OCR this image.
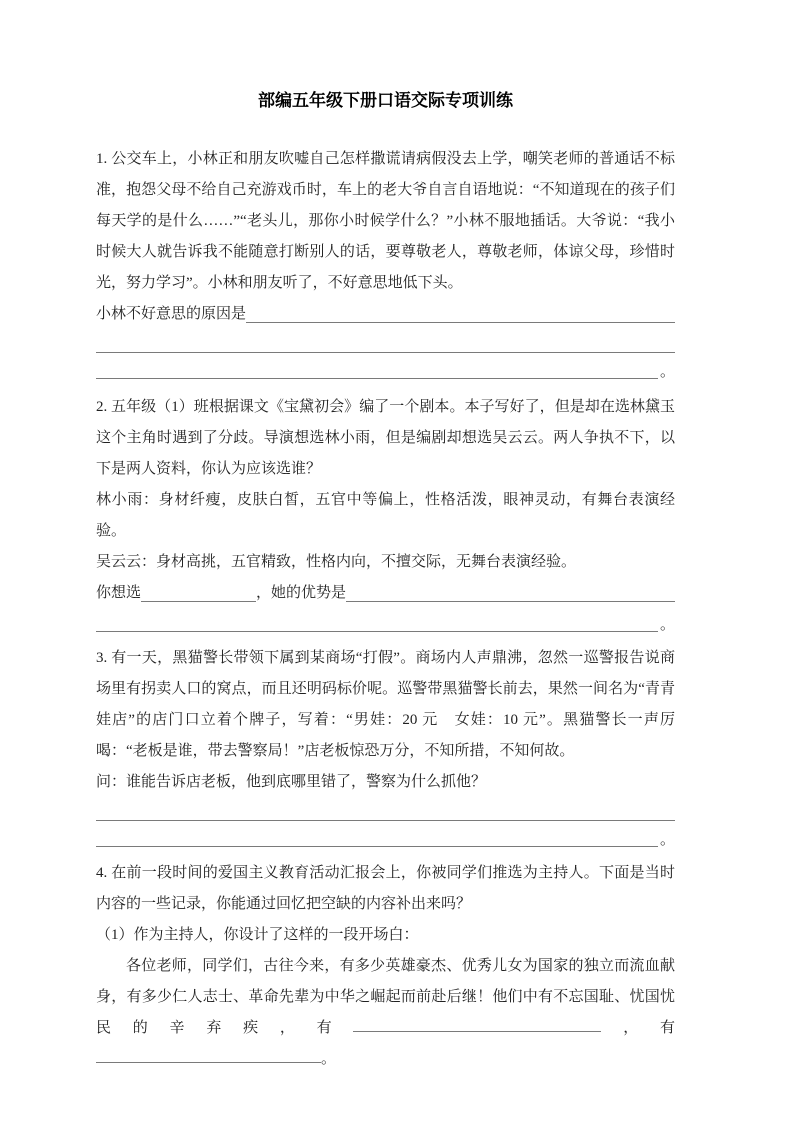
部编五年级下册口语交际专项训练

1. 公交车上，小林正和朋友吹嘘自己怎样撒谎请病假没去上学，嘲笑老师的普通话不标准，抱怨父母不给自己充游戏币时，车上的老大爷自言自语地说：“不知道现在的孩子们每天学的是什么……”“老头儿，那你小时候学什么？”小林不服地插话。大爷说：“我小时候大人就告诉我不能随意打断别人的话，要尊敬老人，尊敬老师，体谅父母，珍惜时光，努力学习”。小林和朋友听了，不好意思地低下头。

小林不好意思的原因是
。

2. 五年级（1）班根据课文《宝黛初会》编了一个剧本。本子写好了，但是却在选林黛玉这个主角时遇到了分歧。导演想选林小雨，但是编剧却想选吴云云。两人争执不下，以下是两人资料，你认为应该选谁？

林小雨：身材纤瘦，皮肤白皙，五官中等偏上，性格活泼，眼神灵动，有舞台表演经验。

吴云云：身材高挑，五官精致，性格内向，不擅交际，无舞台表演经验。

你想选	，她的优势是
。

3. 有一天，黑猫警长带领下属到某商场“打假”。商场内人声鼎沸，忽然一巡警报告说商场里有拐卖人口的窝点，而且还明码标价呢。巡警带黑猫警长前去，果然一间名为“青青娃店”的店门口立着个牌子，写着：“男娃：20 元　女娃：10 元”。黑猫警长一声厉喝：“老板是谁，带去警察局！”店老板惊恐万分，不知所措，不知何故。

问：谁能告诉店老板，他到底哪里错了，警察为什么抓他？

。

4. 在前一段时间的爱国主义教育活动汇报会上，你被同学们推选为主持人。下面是当时内容的一些记录，你能通过回忆把空缺的内容补出来吗？

（1）作为主持人，你设计了这样的一段开场白：

各位老师，同学们，古往今来，有多少英雄豪杰、优秀儿女为国家的独立而流血献身，有多少仁人志士、革命先辈为中华之崛起而前赴后继！他们中有不忘国耻、忧国忧民的辛弃疾，有	，有。
